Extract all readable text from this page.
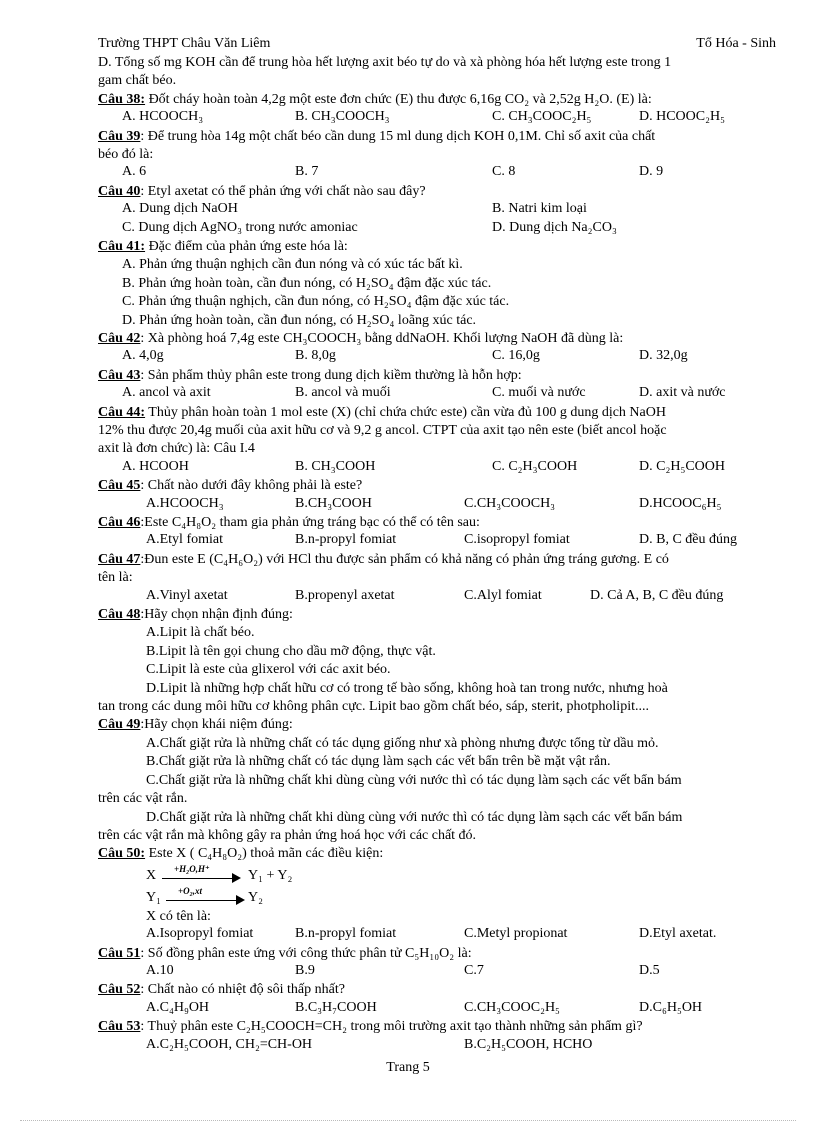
Trường THPT Châu Văn Liêm	Tổ Hóa - Sinh
D. Tổng số mg KOH cần để trung hòa hết lượng axit béo tự do và xà phòng hóa hết lượng este trong 1
gam chất béo.
Câu 38: Đốt cháy hoàn toàn 4,2g một este đơn chức (E) thu được 6,16g CO₂ và 2,52g H₂O. (E) là:
A. HCOOCH₃	B. CH₃COOCH₃	C. CH₃COOC₂H₅	D. HCOOC₂H₅
Câu 39: Để trung hòa 14g một chất béo cần dung 15 ml dung dịch KOH 0,1M. Chỉ số axit của chất
béo đó là:
A. 6	B. 7	C. 8	D. 9
Câu 40: Etyl axetat có thể phản ứng với chất nào sau đây?
A. Dung dịch NaOH	B. Natri kim loại
C. Dung dịch AgNO₃ trong nước amoniac	D. Dung dịch Na₂CO₃
Câu 41: Đặc điểm của phản ứng este hóa là:
A. Phản ứng thuận nghịch cần đun nóng và có xúc tác bất kì.
B. Phản ứng hoàn toàn, cần đun nóng, có H₂SO₄ đậm đặc xúc tác.
C. Phản ứng thuận nghịch, cần đun nóng, có H₂SO₄ đậm đặc xúc tác.
D. Phản ứng hoàn toàn, cần đun nóng, có H₂SO₄ loãng xúc tác.
Câu 42: Xà phòng hoá 7,4g este CH₃COOCH₃ bằng ddNaOH. Khối lượng NaOH đã dùng là:
A. 4,0g	B. 8,0g	C. 16,0g	D. 32,0g
Câu 43: Sản phẩm thủy phân este trong dung dịch kiềm thường là hỗn hợp:
A. ancol và axit	B. ancol và muối	C. muối và nước	D. axit và nước
Câu 44: Thủy phân hoàn toàn 1 mol este (X) (chỉ chứa chức este) cần vừa đủ 100 g dung dịch NaOH
12% thu được 20,4g muối của axit hữu cơ và 9,2 g ancol. CTPT của axit tạo nên este (biết ancol hoặc
axit là đơn chức) là: Câu I.4
A. HCOOH	B. CH₃COOH	C. C₂H₃COOH	D. C₂H₅COOH
Câu 45: Chất nào dưới đây không phải là este?
A.HCOOCH₃	B.CH₃COOH	C.CH₃COOCH₃	D.HCOOC₆H₅
Câu 46:Este C₄H₈O₂ tham gia phản ứng tráng bạc có thể có tên sau:
A.Etyl fomiat	B.n-propyl fomiat	C.isopropyl fomiat	D. B, C đều đúng
Câu 47:Đun este E (C₄H₆O₂) với HCl thu được sản phẩm có khả năng có phản ứng tráng gương. E có
tên là:
A.Vinyl axetat	B.propenyl axetat	C.Alyl fomiat	D. Cả A, B, C đều đúng
Câu 48:Hãy chọn nhận định đúng:
A.Lipit là chất béo.
B.Lipit là tên gọi chung cho dầu mỡ động, thực vật.
C.Lipit là este của glixerol với các axit béo.
D.Lipit là những hợp chất hữu cơ có trong tế bào sống, không hoà tan trong nước, nhưng hoà
tan trong các dung môi hữu cơ không phân cực. Lipit bao gồm chất béo, sáp, sterit, photpholipit....
Câu 49:Hãy chọn khái niệm đúng:
A.Chất giặt rửa là những chất có tác dụng giống như xà phòng nhưng được tổng từ dầu mỏ.
B.Chất giặt rửa là những chất có tác dụng làm sạch các vết bẩn trên bề mặt vật rắn.
C.Chất giặt rửa là những chất khi dùng cùng với nước thì có tác dụng làm sạch các vết bẩn bám
trên các vật rắn.
D.Chất giặt rửa là những chất khi dùng cùng với nước thì có tác dụng làm sạch các vết bẩn bám
trên các vật rắn mà không gây ra phản ứng hoá học với các chất đó.
Câu 50: Este X ( C₄H₈O₂) thoả mãn các điều kiện:
X +H₂O,H⁺	Y₁ + Y₂
Y₁ +O₂,xt	Y₂
X có tên là:
A.Isopropyl fomiat	B.n-propyl fomiat	C.Metyl propionat	D.Etyl axetat.
Câu 51: Số đồng phân este ứng với công thức phân tử C₅H₁₀O₂ là:
A.10	B.9	C.7	D.5
Câu 52: Chất nào có nhiệt độ sôi thấp nhất?
A.C₄H₉OH	B.C₃H₇COOH	C.CH₃COOC₂H₅	D.C₆H₅OH
Câu 53: Thuỷ phân este C₂H₅COOCH=CH₂ trong môi trường axit tạo thành những sản phẩm gì?
A.C₂H₅COOH, CH₂=CH-OH	B.C₂H₅COOH, HCHO
Trang 5
